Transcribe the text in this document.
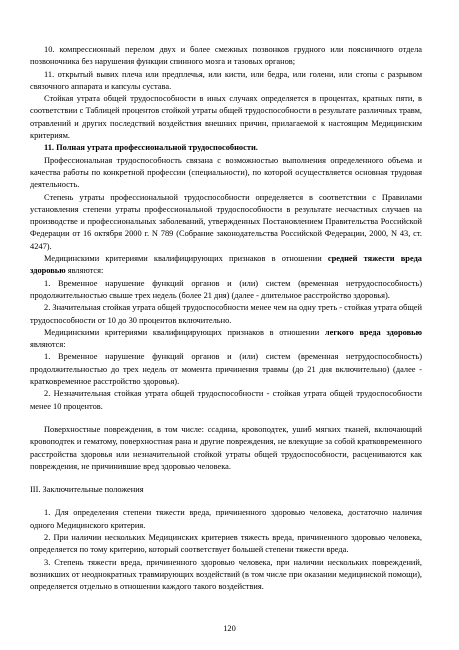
10. компрессионный перелом двух и более смежных позвонков грудного или поясничного отдела позвоночника без нарушения функции спинного мозга и тазовых органов;

11. открытый вывих плеча или предплечья, или кисти, или бедра, или голени, или стопы с разрывом связочного аппарата и капсулы сустава.

Стойкая утрата общей трудоспособности в иных случаях определяется в процентах, кратных пяти, в соответствии с Таблицей процентов стойкой утраты общей трудоспособности в результате различных травм, отравлений и других последствий воздействия внешних причин, прилагаемой к настоящим Медицинским критериям.

11. Полная утрата профессиональной трудоспособности.

Профессиональная трудоспособность связана с возможностью выполнения определенного объема и качества работы по конкретной профессии (специальности), по которой осуществляется основная трудовая деятельность.

Степень утраты профессиональной трудоспособности определяется в соответствии с Правилами установления степени утраты профессиональной трудоспособности в результате несчастных случаев на производстве и профессиональных заболеваний, утвержденных Постановлением Правительства Российской Федерации от 16 октября 2000 г. N 789 (Собрание законодательства Российской Федерации, 2000, N 43, ст. 4247).

Медицинскими критериями квалифицирующих признаков в отношении средней тяжести вреда здоровью являются:

1. Временное нарушение функций органов и (или) систем (временная нетрудоспособность) продолжительностью свыше трех недель (более 21 дня) (далее - длительное расстройство здоровья).

2. Значительная стойкая утрата общей трудоспособности менее чем на одну треть - стойкая утрата общей трудоспособности от 10 до 30 процентов включительно.

Медицинскими критериями квалифицирующих признаков в отношении легкого вреда здоровью являются:

1. Временное нарушение функций органов и (или) систем (временная нетрудоспособность) продолжительностью до трех недель от момента причинения травмы (до 21 дня включительно) (далее - кратковременное расстройство здоровья).

2. Незначительная стойкая утрата общей трудоспособности - стойкая утрата общей трудоспособности менее 10 процентов.

Поверхностные повреждения, в том числе: ссадина, кровоподтек, ушиб мягких тканей, включающий кровоподтек и гематому, поверхностная рана и другие повреждения, не влекущие за собой кратковременного расстройства здоровья или незначительной стойкой утраты общей трудоспособности, расцениваются как повреждения, не причинившие вред здоровью человека.

III. Заключительные положения

1. Для определения степени тяжести вреда, причиненного здоровью человека, достаточно наличия одного Медицинского критерия.

2. При наличии нескольких Медицинских критериев тяжесть вреда, причиненного здоровью человека, определяется по тому критерию, который соответствует большей степени тяжести вреда.

3. Степень тяжести вреда, причиненного здоровью человека, при наличии нескольких повреждений, возникших от неоднократных травмирующих воздействий (в том числе при оказании медицинской помощи), определяется отдельно в отношении каждого такого воздействия.

120
